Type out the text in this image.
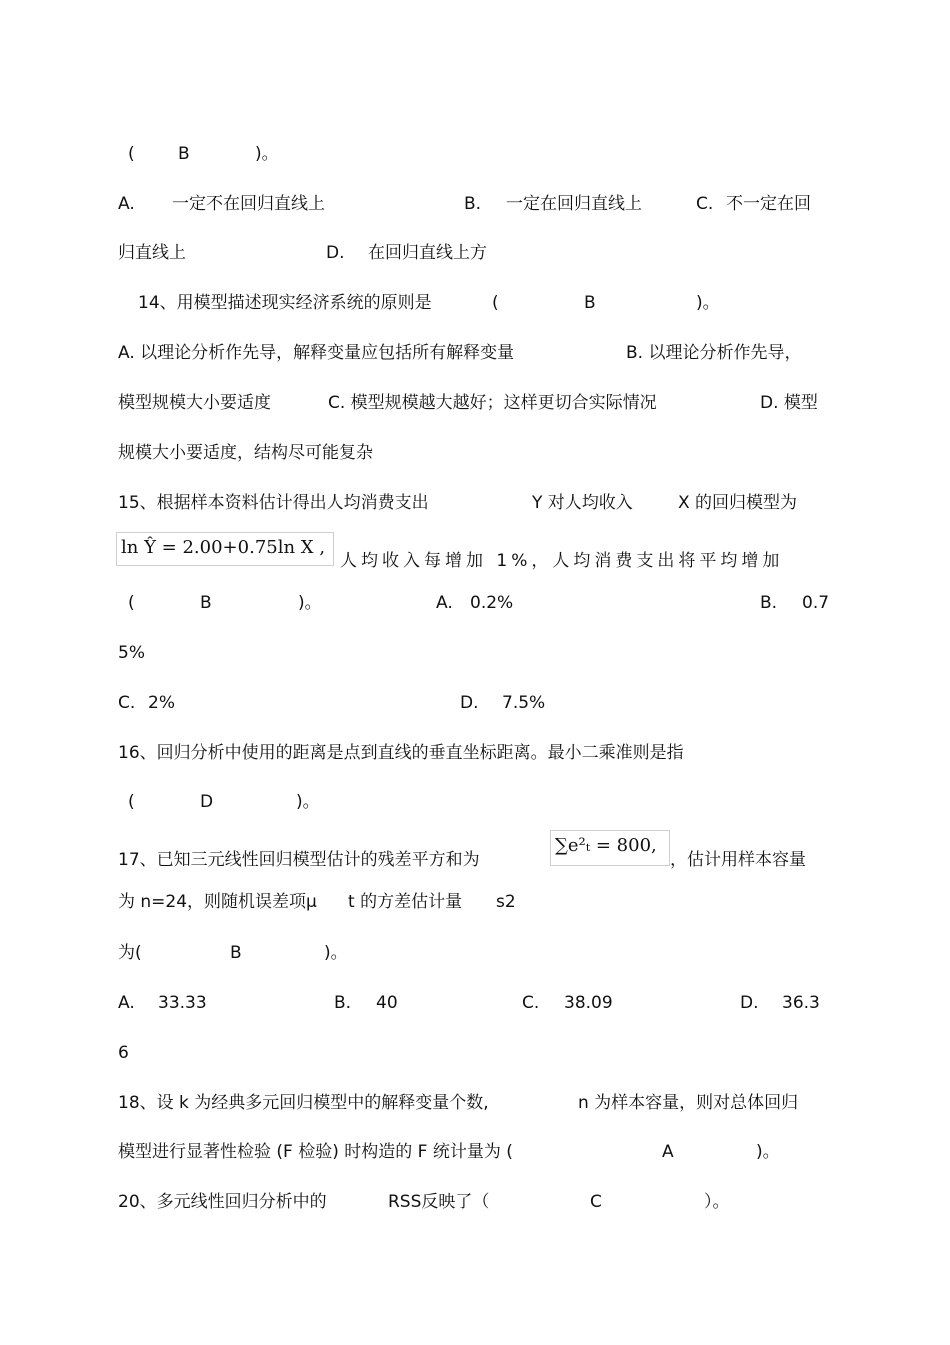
(	B	)。
A. 一定不在回归直线上	B. 一定在回归直线上	C. 不一定在回
归直线上	D. 在回归直线上方
14、用模型描述现实经济系统的原则是	(	B	)。
A. 以理论分析作先导，解释变量应包括所有解释变量	B. 以理论分析作先导，
模型规模大小要适度	C. 模型规模越大越好；这样更切合实际情况	D. 模型
规模大小要适度，结构尽可能复杂
15、根据样本资料估计得出人均消费支出	Y 对人均收入	X 的回归模型为
ln Ŷ = 2.00+0.75ln X ,
人均收入每增加 1%，人均消费支出将平均增加
(	B	)。	A. 0.2%	B. 0.7
5%
C. 2%	D. 7.5%
16、回归分析中使用的距离是点到直线的垂直坐标距离。最小二乘准则是指
(	D	)。
17、已知三元线性回归模型估计的残差平方和为
∑e²ₜ = 800,
，估计用样本容量
为 n=24，则随机误差项μ t 的方差估计量 s2
为(	B	)。
A. 33.33	B. 40	C. 38.09	D. 36.3
6
18、设 k 为经典多元回归模型中的解释变量个数,	n 为样本容量，则对总体回归
模型进行显著性检验 (F 检验) 时构造的 F 统计量为 (	A	)。
20、多元线性回归分析中的	RSS反映了（	C	）。
